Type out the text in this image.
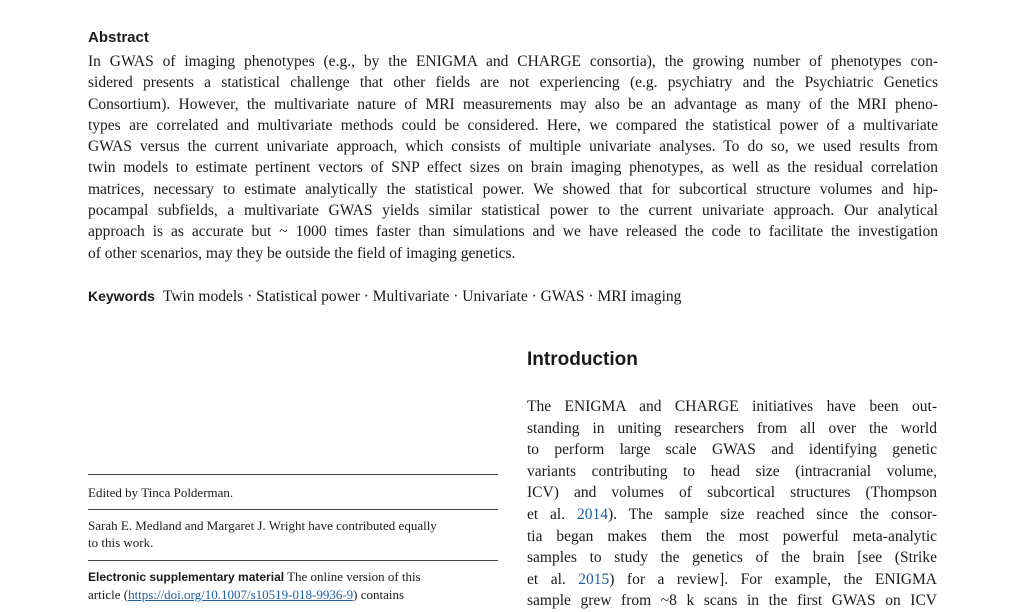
Abstract
In GWAS of imaging phenotypes (e.g., by the ENIGMA and CHARGE consortia), the growing number of phenotypes con-
sidered presents a statistical challenge that other fields are not experiencing (e.g. psychiatry and the Psychiatric Genetics
Consortium). However, the multivariate nature of MRI measurements may also be an advantage as many of the MRI pheno-
types are correlated and multivariate methods could be considered. Here, we compared the statistical power of a multivariate
GWAS versus the current univariate approach, which consists of multiple univariate analyses. To do so, we used results from
twin models to estimate pertinent vectors of SNP effect sizes on brain imaging phenotypes, as well as the residual correlation
matrices, necessary to estimate analytically the statistical power. We showed that for subcortical structure volumes and hip-
pocampal subfields, a multivariate GWAS yields similar statistical power to the current univariate approach. Our analytical
approach is as accurate but ~ 1000 times faster than simulations and we have released the code to facilitate the investigation
of other scenarios, may they be outside the field of imaging genetics.
Keywords Twin models · Statistical power · Multivariate · Univariate · GWAS · MRI imaging
Introduction
The ENIGMA and CHARGE initiatives have been out-
standing in uniting researchers from all over the world
to perform large scale GWAS and identifying genetic
variants contributing to head size (intracranial volume,
ICV) and volumes of subcortical structures (Thompson
et al. 2014). The sample size reached since the consor-
tia began makes them the most powerful meta-analytic
samples to study the genetics of the brain [see (Strike
et al. 2015) for a review]. For example, the ENIGMA
sample grew from ~8 k scans in the first GWAS on ICV
Edited by Tinca Polderman.
Sarah E. Medland and Margaret J. Wright have contributed equally
to this work.
Electronic supplementary material The online version of this
article (https://doi.org/10.1007/s10519-018-9936-9) contains
